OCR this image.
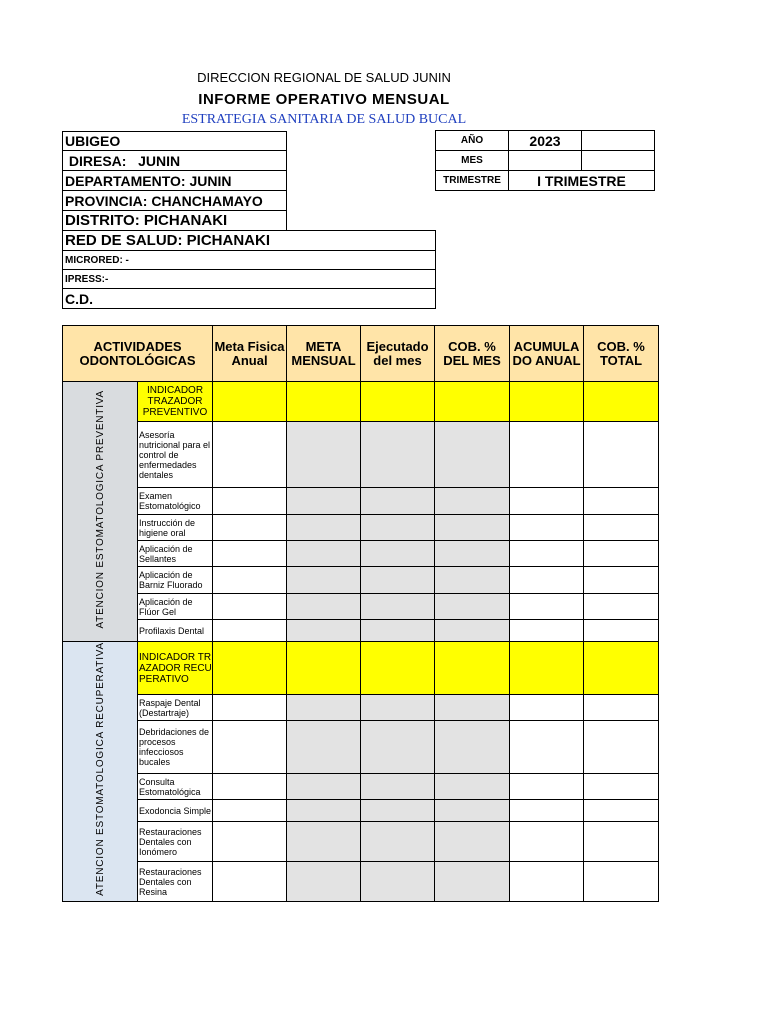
DIRECCION REGIONAL DE SALUD JUNIN
INFORME OPERATIVO MENSUAL
ESTRATEGIA SANITARIA DE SALUD BUCAL
UBIGEO
DIRESA:   JUNIN
DEPARTAMENTO: JUNIN
PROVINCIA: CHANCHAMAYO
DISTRITO: PICHANAKI
RED DE SALUD: PICHANAKI
MICRORED: -
IPRESS:-
C.D.
AÑO	2023	
MES		
TRIMESTRE	I TRIMESTRE	
ACTIVIDADES ODONTOLÓGICAS		Meta Fisica Anual	META MENSUAL	Ejecutado del mes	COB. % DEL MES	ACUMULA DO ANUAL	COB. % TOTAL
ATENCION ESTOMATOLOGICA PREVENTIVA	INDICADOR TRAZADOR PREVENTIVO						
	Asesoría nutricional para el control de enfermedades dentales						
	Examen Estomatológico						
	Instrucción de higiene oral						
	Aplicación de Sellantes						
	Aplicación de Barniz Fluorado						
	Aplicación de Flúor Gel						
	Profilaxis Dental						
ATENCION ESTOMATOLOGICA RECUPERATIVA	INDICADOR TRAZADOR RECUPERATIVO						
	Raspaje Dental (Destartraje)						
	Debridaciones de procesos infecciosos bucales						
	Consulta Estomatológica						
	Exodoncia Simple						
	Restauraciones Dentales con Ionómero						
	Restauraciones Dentales con Resina						
